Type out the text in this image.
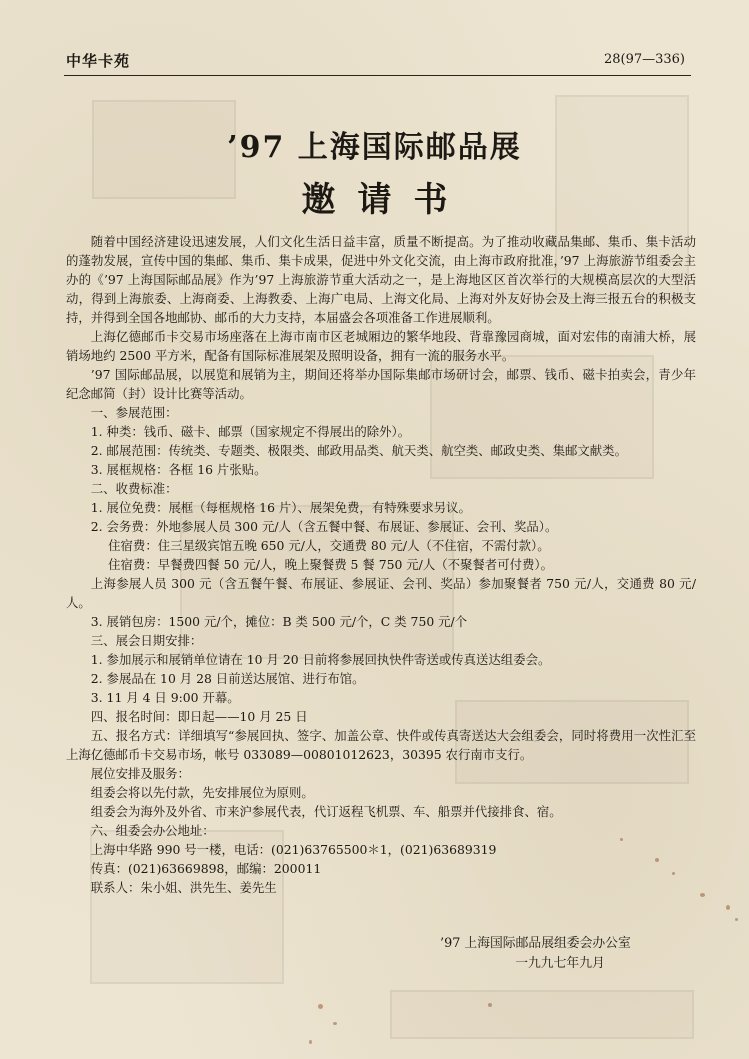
中华卡苑	28(97—336)
’97 上海国际邮品展
邀请书

随着中国经济建设迅速发展，人们文化生活日益丰富，质量不断提高。为了推动收藏品集邮、集币、集卡活动的蓬勃发展，宣传中国的集邮、集币、集卡成果，促进中外文化交流，由上海市政府批准，’97 上海旅游节组委会主办的《’97 上海国际邮品展》作为’97 上海旅游节重大活动之一，是上海地区区首次举行的大规模高层次的大型活动，得到上海旅委、上海商委、上海教委、上海广电局、上海文化局、上海对外友好协会及上海三报五台的积极支持，并得到全国各地邮协、邮币的大力支持，本届盛会各项准备工作进展顺利。

上海亿德邮币卡交易市场座落在上海市南市区老城厢边的繁华地段、背靠豫园商城，面对宏伟的南浦大桥，展销场地约 2500 平方米，配备有国际标准展架及照明设备，拥有一流的服务水平。

’97 国际邮品展，以展览和展销为主，期间还将举办国际集邮市场研讨会，邮票、钱币、磁卡拍卖会，青少年纪念邮简（封）设计比赛等活动。

一、参展范围：

1. 种类：钱币、磁卡、邮票（国家规定不得展出的除外）。

2. 邮展范围：传统类、专题类、极限类、邮政用品类、航天类、航空类、邮政史类、集邮文献类。

3. 展框规格：各框 16 片张贴。

二、收费标准：

1. 展位免费：展框（每框规格 16 片）、展架免费，有特殊要求另议。

2. 会务费：外地参展人员 300 元/人（含五餐中餐、布展证、参展证、会刊、奖品）。

住宿费：住三星级宾馆五晚 650 元/人，交通费 80 元/人（不住宿，不需付款）。

住宿费：早餐费四餐 50 元/人，晚上聚餐费 5 餐 750 元/人（不聚餐者可付费）。

上海参展人员 300 元（含五餐午餐、布展证、参展证、会刊、奖品）参加聚餐者 750 元/人，交通费 80 元/人。

3. 展销包房：1500 元/个，摊位：B 类 500 元/个，C 类 750 元/个

三、展会日期安排：

1. 参加展示和展销单位请在 10 月 20 日前将参展回执快件寄送或传真送达组委会。

2. 参展品在 10 月 28 日前送达展馆、进行布馆。

3. 11 月 4 日 9:00 开幕。

四、报名时间：即日起——10 月 25 日

五、报名方式：详细填写“参展回执、签字、加盖公章、快件或传真寄送达大会组委会，同时将费用一次性汇至上海亿德邮币卡交易市场，帐号 033089—00801012623，30395 农行南市支行。

展位安排及服务：

组委会将以先付款，先安排展位为原则。

组委会为海外及外省、市来沪参展代表，代订返程飞机票、车、船票并代接排食、宿。

六、组委会办公地址：

上海中华路 990 号一楼，电话：(021)63765500＊1，(021)63689319

传真：(021)63669898，邮编：200011

联系人：朱小姐、洪先生、姜先生

’97 上海国际邮品展组委会办公室
一九九七年九月
